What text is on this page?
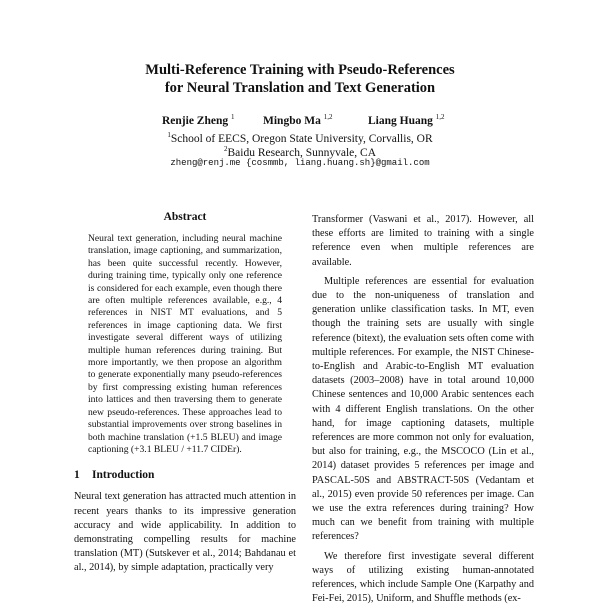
Multi-Reference Training with Pseudo-References
for Neural Translation and Text Generation
Renjie Zheng $^1$ Mingbo Ma $^{1,2}$	Liang Huang $^{1,2}$
$^1$School of EECS, Oregon State University, Corvallis, OR
$^2$Baidu Research, Sunnyvale, CA
zheng@renj.me {cosmmb, liang.huang.sh}@gmail.com
Abstract

Neural text generation, including neural machine translation, image captioning, and summarization, has been quite successful recently. However, during training time, typically only one reference is considered for each example, even though there are often multiple references available, e.g., 4 references in NIST MT evaluations, and 5 references in image captioning data. We first investigate several different ways of utilizing multiple human references during training. But more importantly, we then propose an algorithm to generate exponentially many pseudo-references by first compressing existing human references into lattices and then traversing them to generate new pseudo-references. These approaches lead to substantial improvements over strong baselines in both machine translation (+1.5 BLEU) and image captioning (+3.1 BLEU / +11.7 CIDEr).

1 Introduction

Neural text generation has attracted much attention in recent years thanks to its impressive generation accuracy and wide applicability. In addition to demonstrating compelling results for machine translation (MT) (Sutskever et al., 2014; Bahdanau et al., 2014), by simple adaptation, practically very

Transformer (Vaswani et al., 2017). However, all these efforts are limited to training with a single reference even when multiple references are available.

Multiple references are essential for evaluation due to the non-uniqueness of translation and generation unlike classification tasks. In MT, even though the training sets are usually with single reference (bitext), the evaluation sets often come with multiple references. For example, the NIST Chinese-to-English and Arabic-to-English MT evaluation datasets (2003–2008) have in total around 10,000 Chinese sentences and 10,000 Arabic sentences each with 4 different English translations. On the other hand, for image captioning datasets, multiple references are more common not only for evaluation, but also for training, e.g., the MSCOCO (Lin et al., 2014) dataset provides 5 references per image and PASCAL-50S and ABSTRACT-50S (Vedantam et al., 2015) even provide 50 references per image. Can we use the extra references during training? How much can we benefit from training with multiple references?

We therefore first investigate several different ways of utilizing existing human-annotated references, which include Sample One (Karpathy and Fei-Fei, 2015), Uniform, and Shuffle methods (ex-
